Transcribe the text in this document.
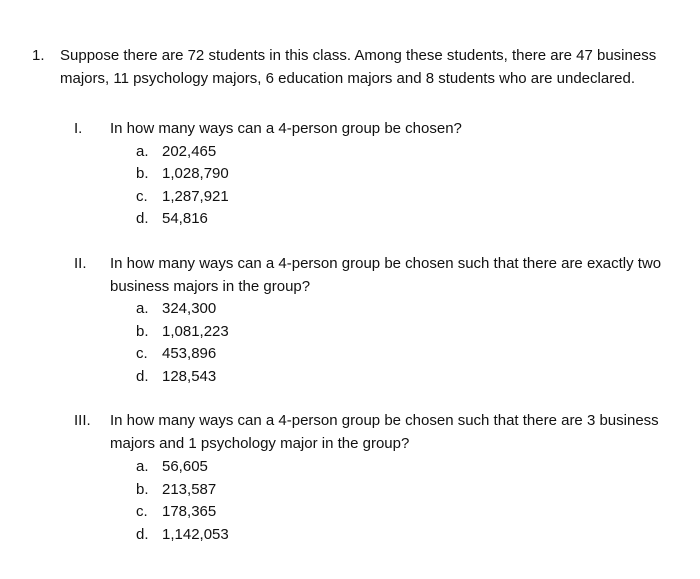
1. Suppose there are 72 students in this class. Among these students, there are 47 business majors, 11 psychology majors, 6 education majors and 8 students who are undeclared.
I. In how many ways can a 4-person group be chosen?
a. 202,465
b. 1,028,790
c. 1,287,921
d. 54,816
II. In how many ways can a 4-person group be chosen such that there are exactly two business majors in the group?
a. 324,300
b. 1,081,223
c. 453,896
d. 128,543
III. In how many ways can a 4-person group be chosen such that there are 3 business majors and 1 psychology major in the group?
a. 56,605
b. 213,587
c. 178,365
d. 1,142,053
